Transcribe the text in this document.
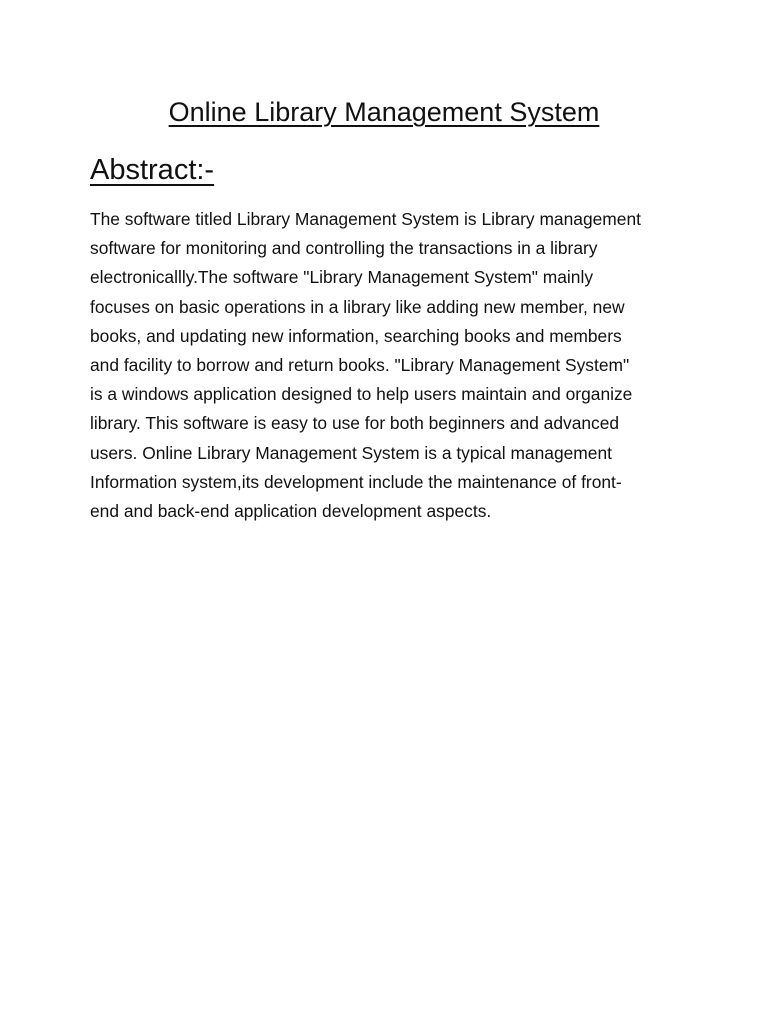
Online Library Management System
Abstract:-
The software titled Library Management System is Library management
software for monitoring and controlling the transactions in a library
electronicallly.The software "Library Management System" mainly
focuses on basic operations in a library like adding new member, new
books, and updating new information, searching books and members
and facility to borrow and return books. "Library Management System"
is a windows application designed to help users maintain and organize
library. This software is easy to use for both beginners and advanced
users. Online Library Management System is a typical management
Information system,its development include the maintenance of front-
end and back-end application development aspects.
